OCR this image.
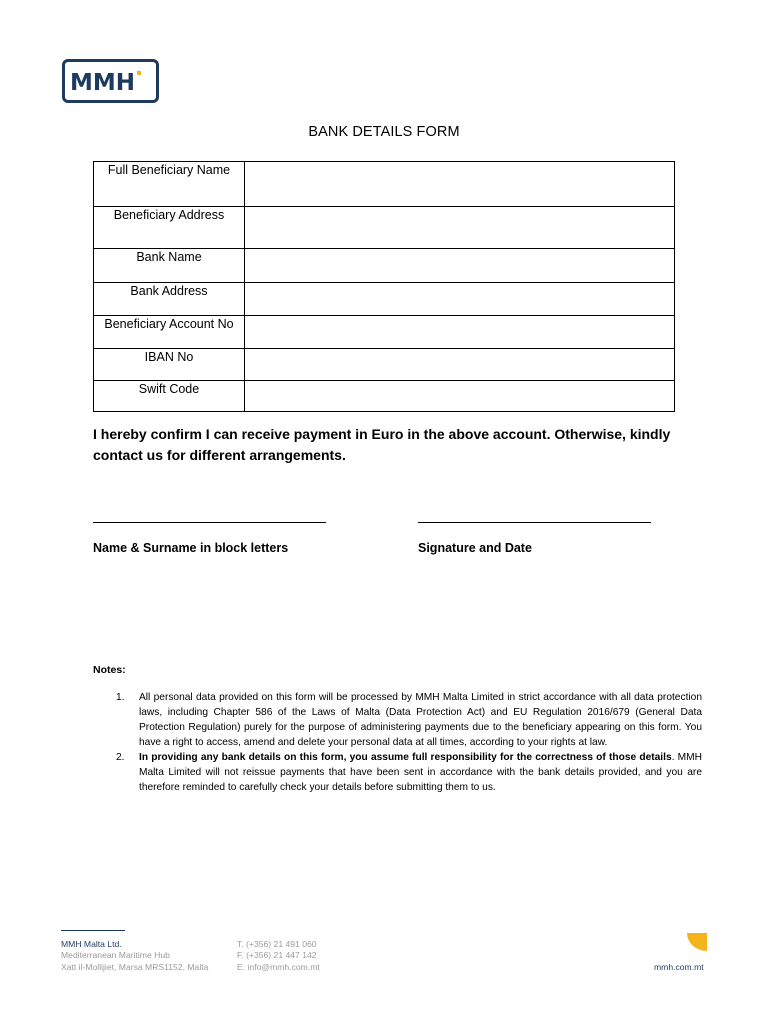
MMH
BANK DETAILS FORM
Full Beneficiary Name	
Beneficiary Address	
Bank Name	
Bank Address	
Beneficiary Account No	
IBAN No	
Swift Code	
I hereby confirm I can receive payment in Euro in the above account. Otherwise, kindly contact us for different arrangements.
Name & Surname in block letters	Signature and Date
Notes:
1. All personal data provided on this form will be processed by MMH Malta Limited in strict accordance with all data protection laws, including Chapter 586 of the Laws of Malta (Data Protection Act) and EU Regulation 2016/679 (General Data Protection Regulation) purely for the purpose of administering payments due to the beneficiary appearing on this form. You have a right to access, amend and delete your personal data at all times, according to your rights at law.
2. In providing any bank details on this form, you assume full responsibility for the correctness of those details. MMH Malta Limited will not reissue payments that have been sent in accordance with the bank details provided, and you are therefore reminded to carefully check your details before submitting them to us.
MMH Malta Ltd.
Mediterranean Maritime Hub
Xatt il-Mollijiet, Marsa MRS1152, Malta
T. (+356) 21 491 060
F. (+356) 21 447 142
E. info@mmh.com.mt	mmh.com.mt
